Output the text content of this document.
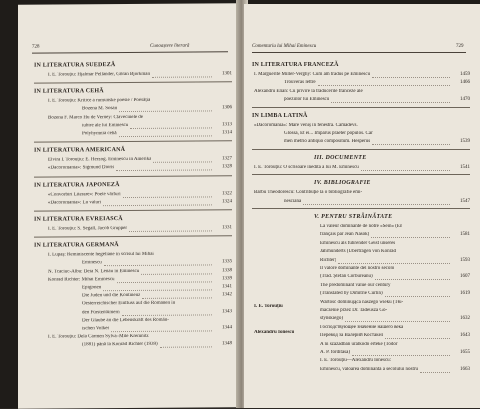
728	Cunoaștere literară
IN LITERATURA SUEDEZĂ
I. E. Torouțiu: Hjalmar Pellander, Göran Bjorkman	1301
IN LITERATURA CEHĂ
I. E. Torouțiu: Kritice a rumunske poesie / Poésăția
Bozena M. Sosan	1306
Bozena F. Marco Hu de Verney: Clavecinele de
iubire ale lui Eminescu	1313
Polyhymnia cehă	1314
IN LITERATURA AMERICANĂ
Elvira I. Torouțiu: E. Herzog. Eminescu in Amerika	1327
«Dacoromania»: Sigmund Dioris	1328
IN LITERATURA JAPONEZĂ
«Convorbiri Literare»: Poete vârfuri	1322
«Dacoromania»: Lu valuri	1324
IN LITERATURA EVREIASCĂ
I. E. Torouțiu: S. Segall, Jacob Grupper	1331
IN LITERATURA GERMANĂ
I. Lupaș: Reminiscente hegeliane in scrisul lui Mihai
Eminescu	1335
N. Tcaciuc-Albu: Deia N. Lenau in Eminescu	1338
Konrad Richter: Mihai Eminescu	1339
Epigonen	1341
Die Juden und die Kontinenz	1342
Oesterreichischer Einfluss auf die Romanen in
den Fürstentümern	1343
Der Glaube an die Lebenskraft des Romän-
ischen Volkes	1344
I. E. Torouțiu: Dela Carmen Sylva–Mite Kremnitz
(1881) până la Konrad Richter (1939)	1348
Comentariu lui Mihai Eminescu	729
IN LITERATURA FRANCEZĂ
I. Marguerite Miller-Verghy: Cum am tradus pe Eminescu	1459
Trouveras lettre	1466
Alexandru Elian: Cu privire la traducerile franceze ale
poeziilor lui Eminescu	1470
IN LIMBA LATINĂ
«Dacoromania»: Mare veniș in fenestra. Camadevs.
Glossa, Et ei... Imparus praeter populos. Car
men metrio antiquo compositum. Hesperus	1539
III. DOCUMENTE
I. E. Torouțiu: O scrisoare inedită a lui M. Eminescu	1541
IV. BIBLIOGRAFIE
Barbu Theodorescu: Contribuție la o bibliografie emi-
nesciană	1547
V. PENTRU STRĂINĂTATE
La valeur dominante de notre «Sein» (En
français par Jean Nasok)	1581
Eminescu als führender Geist unseres
Jahrhunderts (Übertragen von Konrad
Richter)	1593
Il valore dominante del nostro secolo
(Trad. Ștefan Corbureanu)	1607
The predominant value our century
(Translated by Dimitrie Curlin)	1619
Wartość dominująca naszego wieku (Tłu-
maczenie przez Dr. Tadeusza Go-
styńskiego)	1632
Господствующее значение нашего века
Перевод за Валерий Костакел	1643
A ni században uralkodó értéke (Todor
A. P. fordítása)	1655
I. E. Torouțiu—Alexandru Ionescu:
Eminescu, valoarea dominantă a secolului nostru	1663
I. E. Torouțiu
Alexandru Ionescu
